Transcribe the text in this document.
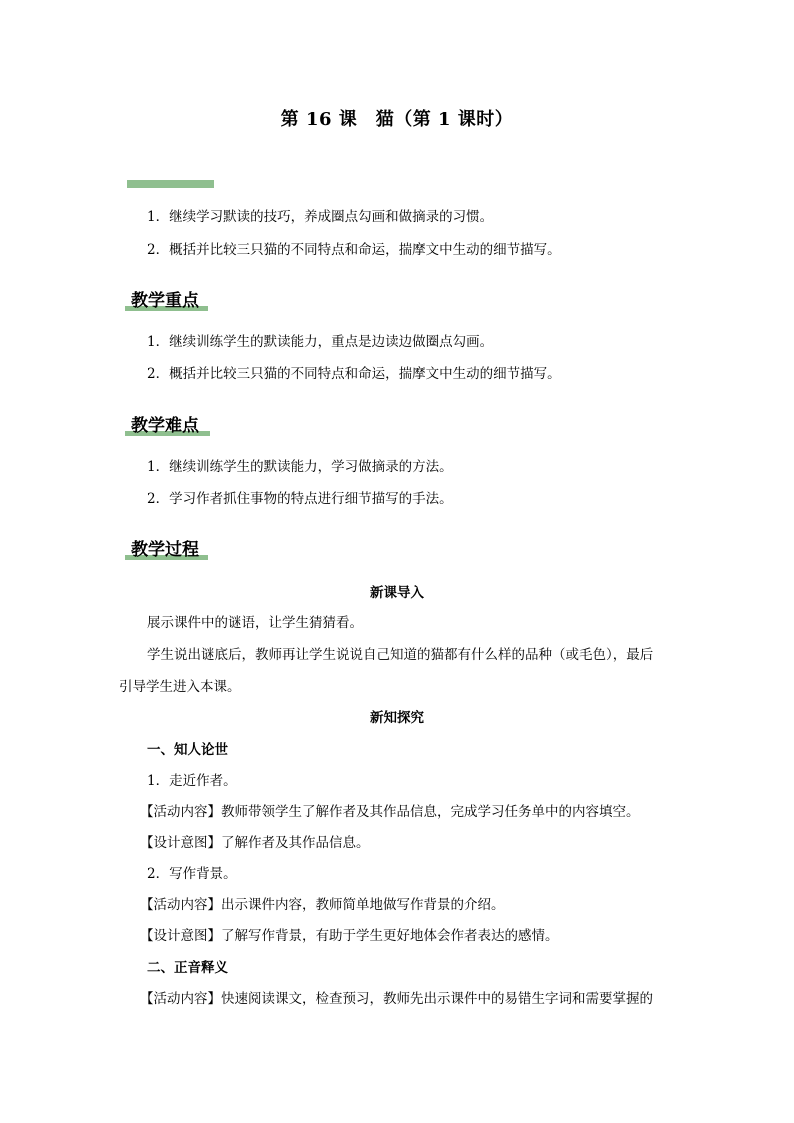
第 16 课　猫（第 1 课时）
1．继续学习默读的技巧，养成圈点勾画和做摘录的习惯。
2．概括并比较三只猫的不同特点和命运，揣摩文中生动的细节描写。
教学重点
1．继续训练学生的默读能力，重点是边读边做圈点勾画。
2．概括并比较三只猫的不同特点和命运，揣摩文中生动的细节描写。
教学难点
1．继续训练学生的默读能力，学习做摘录的方法。
2．学习作者抓住事物的特点进行细节描写的手法。
教学过程
新课导入
展示课件中的谜语，让学生猜猜看。
学生说出谜底后，教师再让学生说说自己知道的猫都有什么样的品种（或毛色），最后
引导学生进入本课。
新知探究
一、知人论世
1．走近作者。
【活动内容】教师带领学生了解作者及其作品信息，完成学习任务单中的内容填空。
【设计意图】了解作者及其作品信息。
2．写作背景。
【活动内容】出示课件内容，教师简单地做写作背景的介绍。
【设计意图】了解写作背景，有助于学生更好地体会作者表达的感情。
二、正音释义
【活动内容】快速阅读课文，检查预习，教师先出示课件中的易错生字词和需要掌握的
